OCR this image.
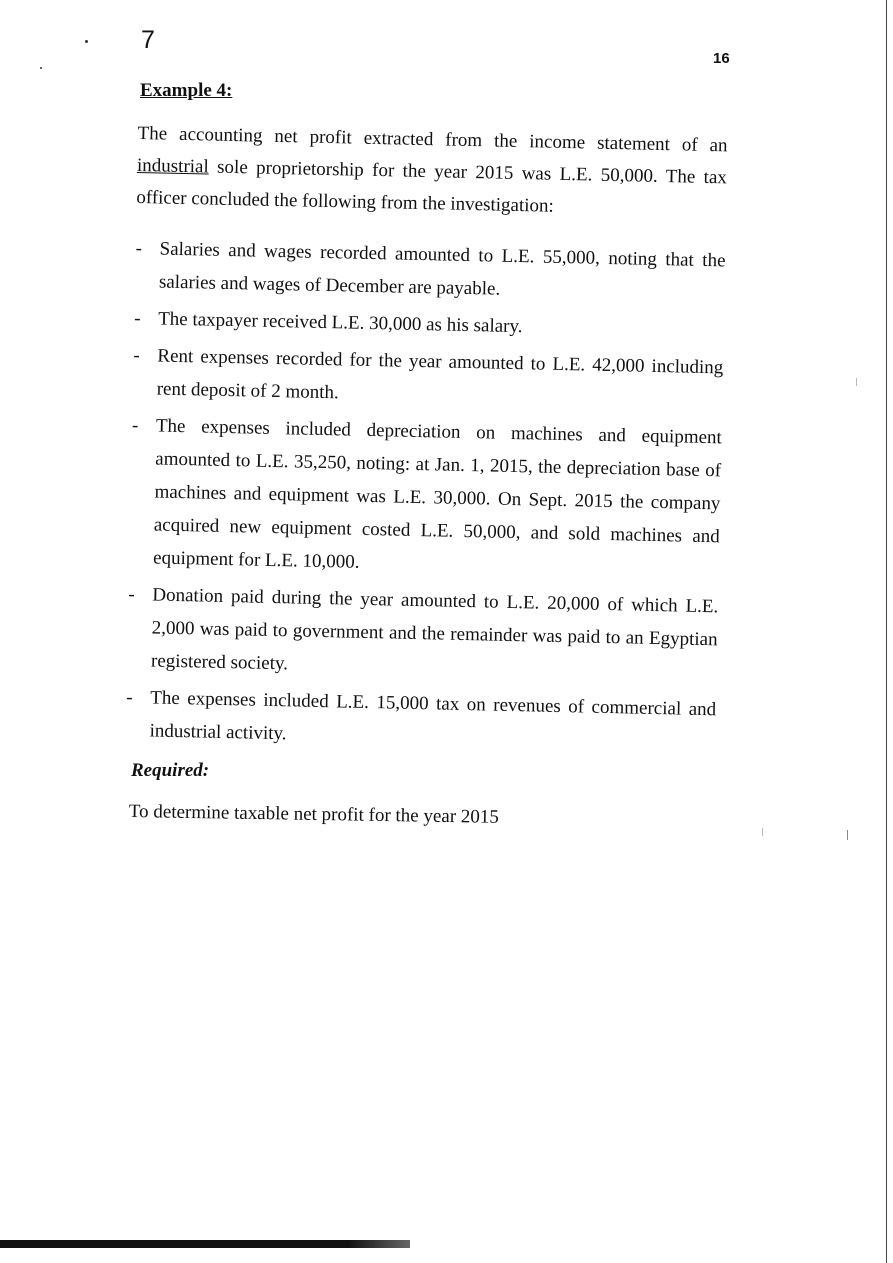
7
16
Example 4:
The accounting net profit extracted from the income statement of an industrial sole proprietorship for the year 2015 was L.E. 50,000. The tax officer concluded the following from the investigation:
- Salaries and wages recorded amounted to L.E. 55,000, noting that the salaries and wages of December are payable.
- The taxpayer received L.E. 30,000 as his salary.
- Rent expenses recorded for the year amounted to L.E. 42,000 including rent deposit of 2 month.
- The expenses included depreciation on machines and equipment amounted to L.E. 35,250, noting: at Jan. 1, 2015, the depreciation base of machines and equipment was L.E. 30,000. On Sept. 2015 the company acquired new equipment costed L.E. 50,000, and sold machines and equipment for L.E. 10,000.
- Donation paid during the year amounted to L.E. 20,000 of which L.E. 2,000 was paid to government and the remainder was paid to an Egyptian registered society.
- The expenses included L.E. 15,000 tax on revenues of commercial and industrial activity.
Required:
To determine taxable net profit for the year 2015
